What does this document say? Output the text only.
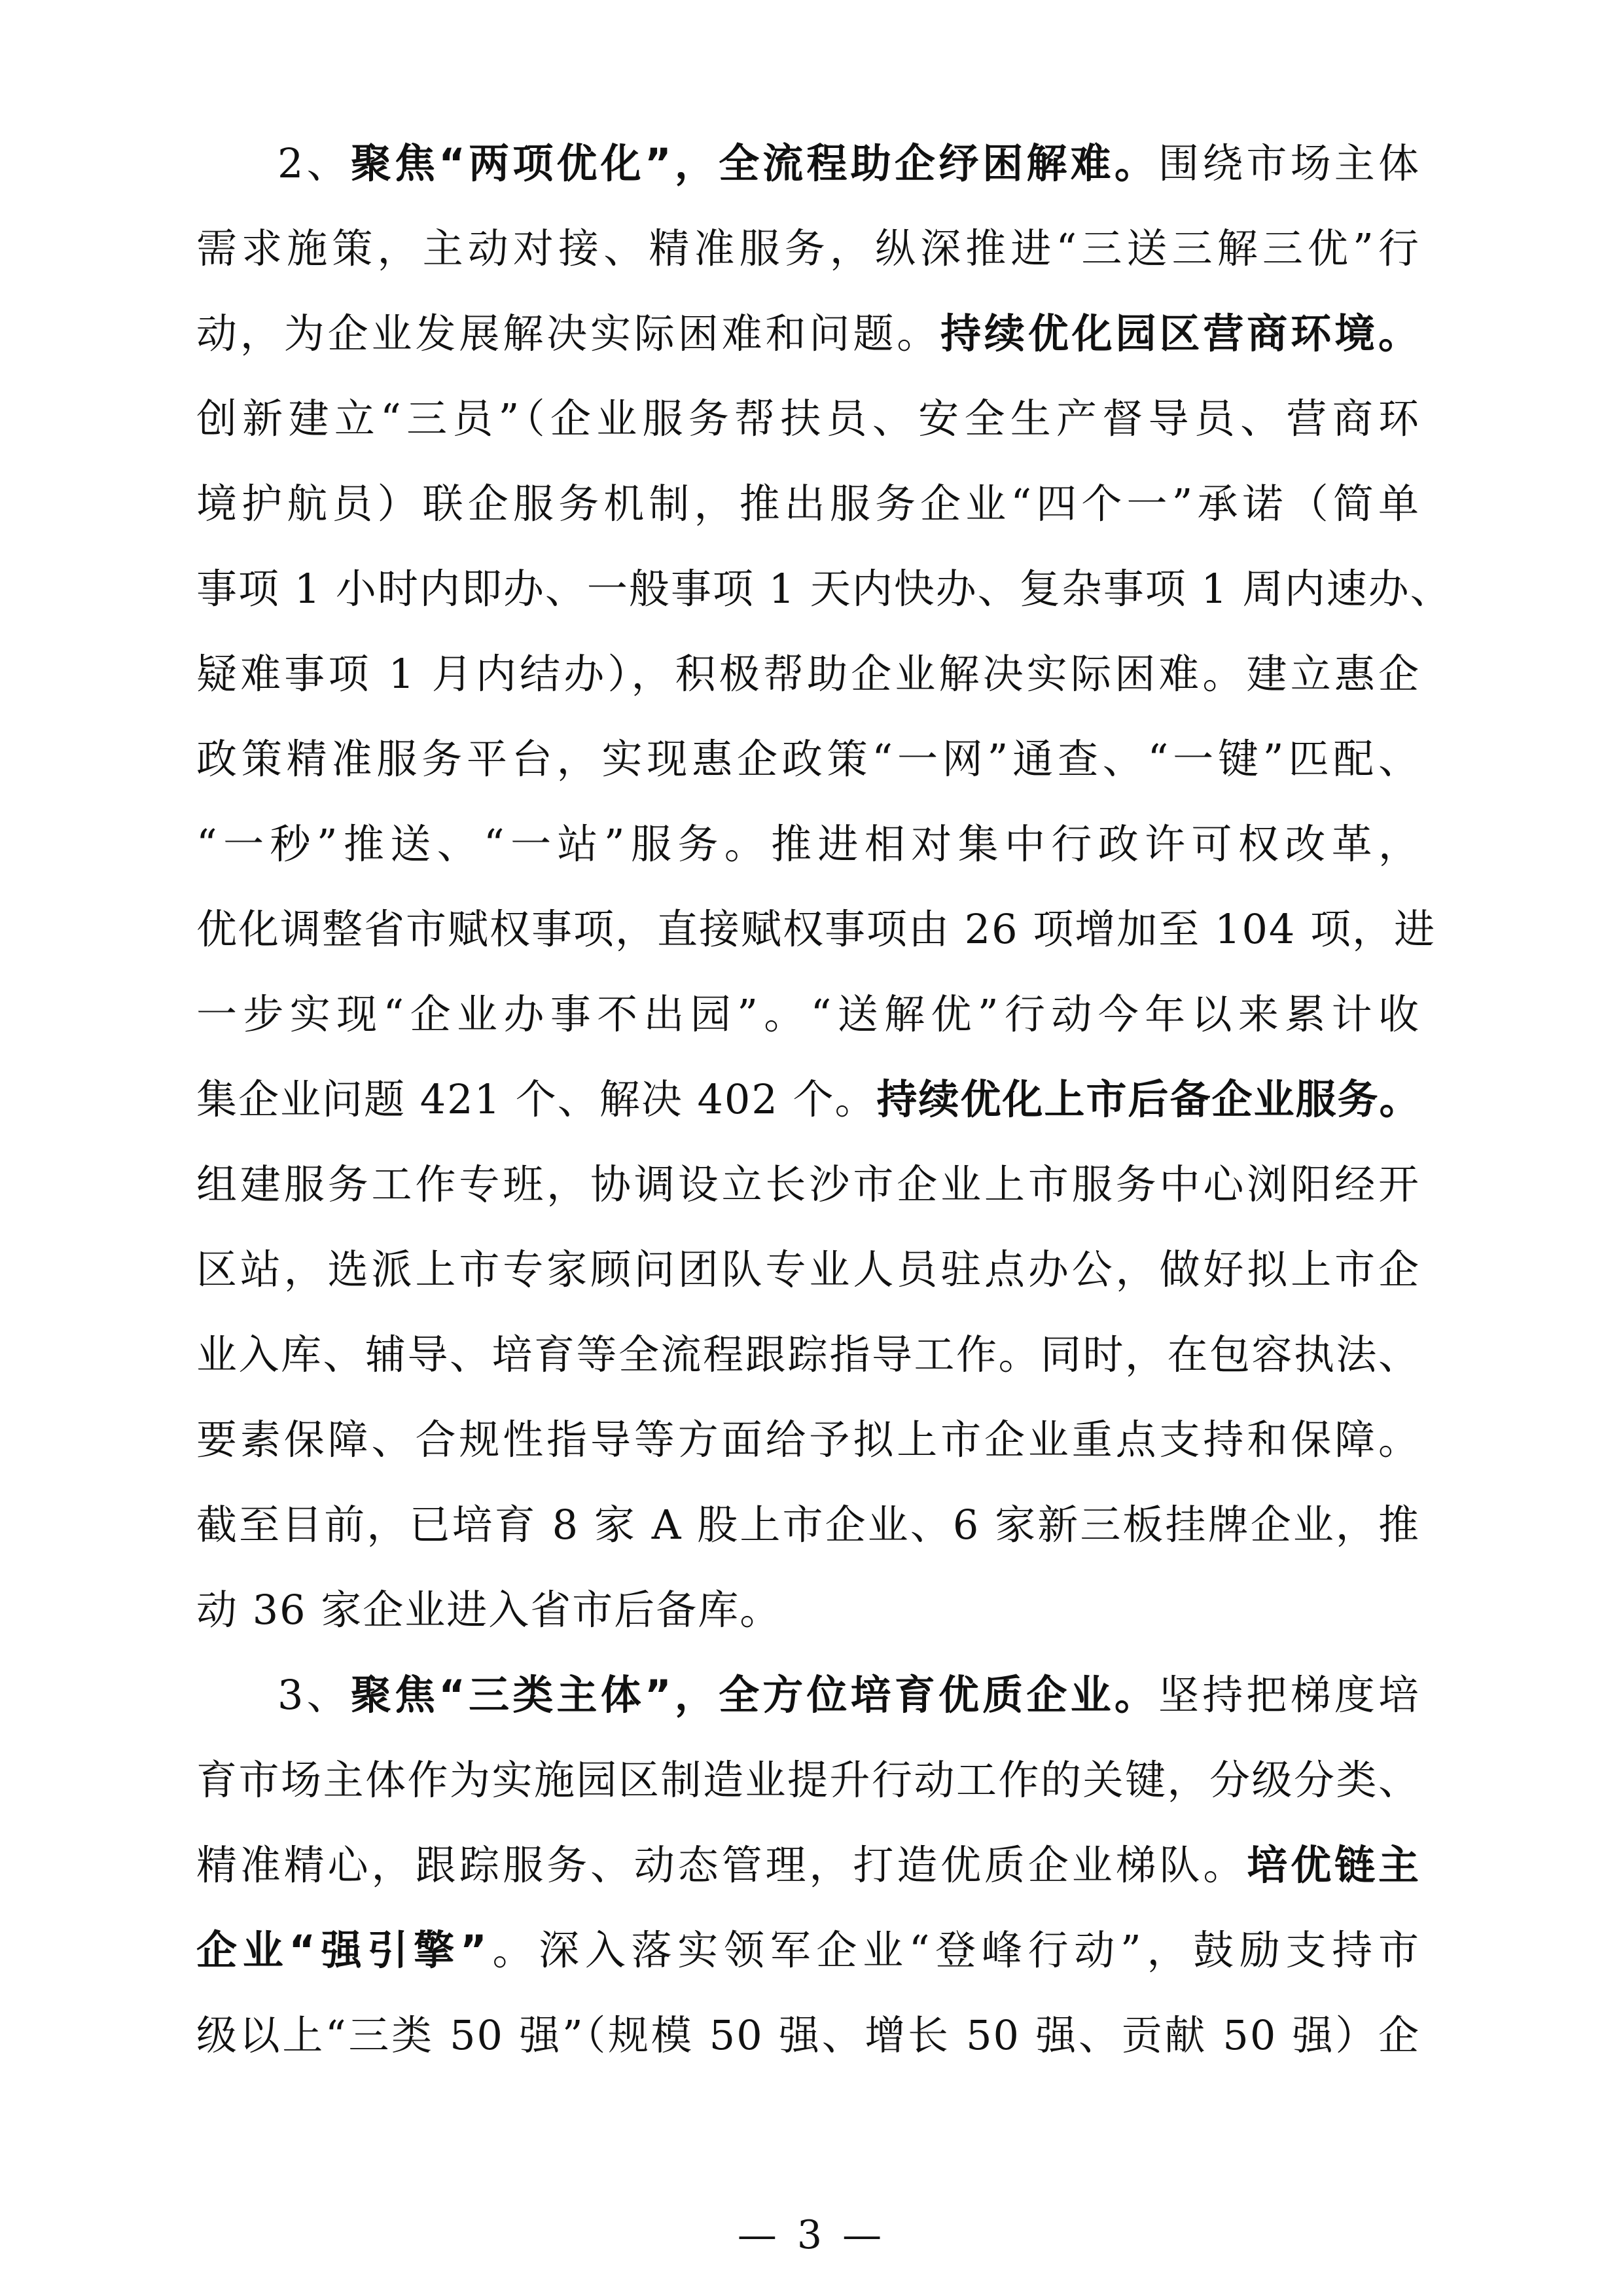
2、聚焦“两项优化”，全流程助企纾困解难。围绕市场主体
需求施策，主动对接、精准服务，纵深推进“三送三解三优”行
动，为企业发展解决实际困难和问题。持续优化园区营商环境。
创新建立“三员”（企业服务帮扶员、安全生产督导员、营商环
境护航员）联企服务机制，推出服务企业“四个一”承诺（简单
事项 1 小时内即办、一般事项 1 天内快办、复杂事项 1 周内速办、
疑难事项 1 月内结办），积极帮助企业解决实际困难。建立惠企
政策精准服务平台，实现惠企政策“一网”通查、“一键”匹配、
“一秒”推送、“一站”服务。推进相对集中行政许可权改革，
优化调整省市赋权事项，直接赋权事项由 26 项增加至 104 项，进
一步实现“企业办事不出园”。“送解优”行动今年以来累计收
集企业问题 421 个、解决 402 个。持续优化上市后备企业服务。
组建服务工作专班，协调设立长沙市企业上市服务中心浏阳经开
区站，选派上市专家顾问团队专业人员驻点办公，做好拟上市企
业入库、辅导、培育等全流程跟踪指导工作。同时，在包容执法、
要素保障、合规性指导等方面给予拟上市企业重点支持和保障。
截至目前，已培育 8 家 A 股上市企业、6 家新三板挂牌企业，推
动 36 家企业进入省市后备库。
3、聚焦“三类主体”，全方位培育优质企业。坚持把梯度培
育市场主体作为实施园区制造业提升行动工作的关键，分级分类、
精准精心，跟踪服务、动态管理，打造优质企业梯队。培优链主
企业“强引擎”。深入落实领军企业“登峰行动”，鼓励支持市
级以上“三类 50 强”（规模 50 强、增长 50 强、贡献 50 强）企
— 3 —
